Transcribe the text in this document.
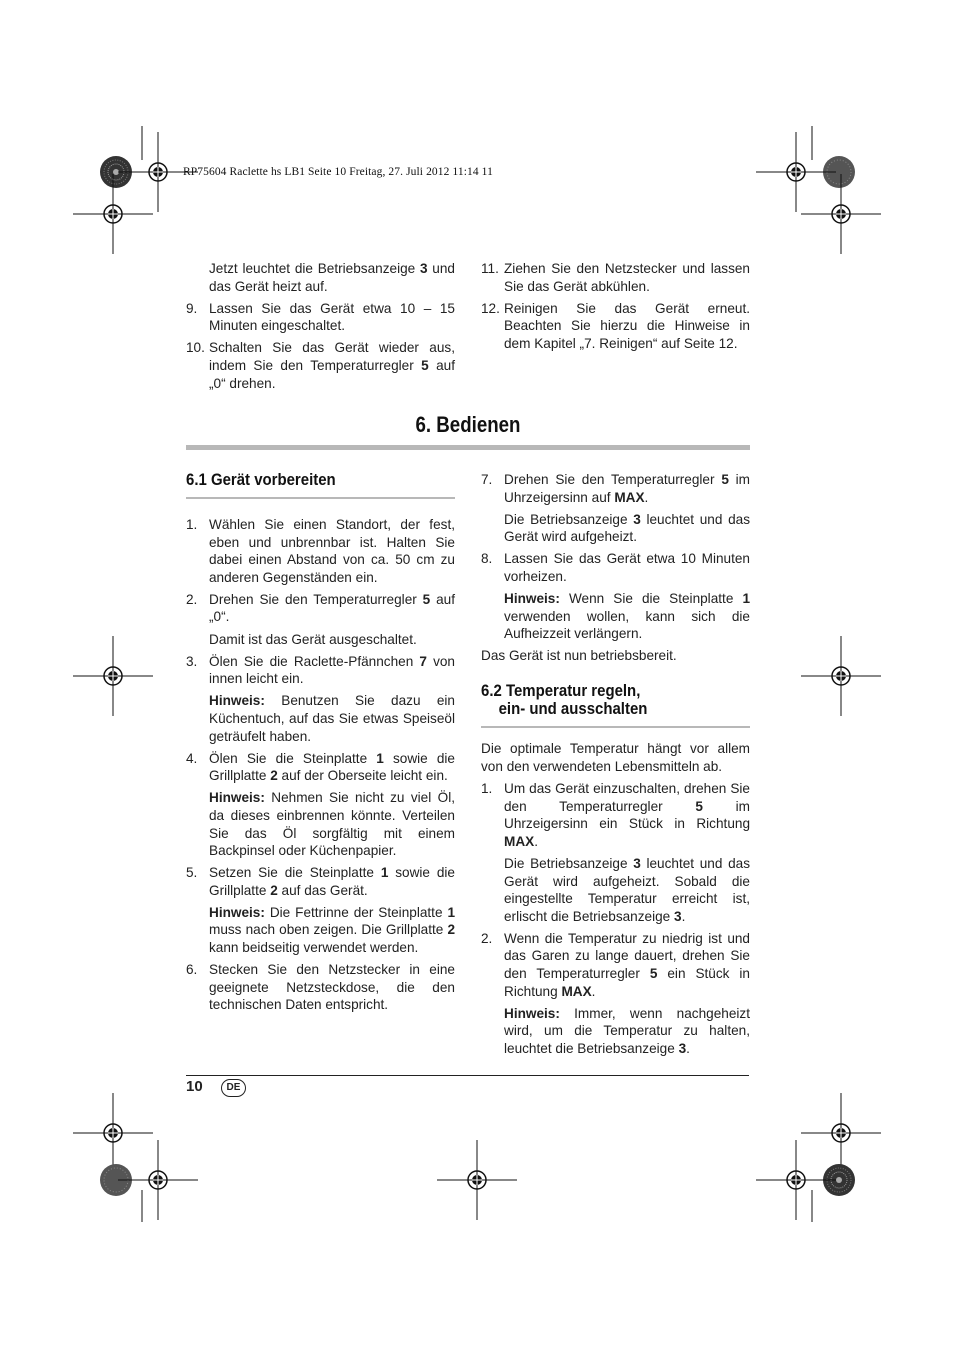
RP75604 Raclette hs LB1 Seite 10 Freitag, 27. Juli 2012 11:14 11

Jetzt leuchtet die Betriebsanzeige 3 und das Gerät heizt auf.

9. Lassen Sie das Gerät etwa 10 – 15 Minuten eingeschaltet.
10. Schalten Sie das Gerät wieder aus, indem Sie den Temperaturregler 5 auf „0“ drehen.
11. Ziehen Sie den Netzstecker und lassen Sie das Gerät abkühlen.
12. Reinigen Sie das Gerät erneut. Beachten Sie hierzu die Hinweise in dem Kapitel „7. Reinigen“ auf Seite 12.
6. Bedienen
6.1 Gerät vorbereiten
1. Wählen Sie einen Standort, der fest, eben und unbrennbar ist. Halten Sie dabei einen Abstand von ca. 50 cm zu anderen Gegenständen ein.
2. Drehen Sie den Temperaturregler 5 auf „0“.

Damit ist das Gerät ausgeschaltet.

3. Ölen Sie die Raclette-Pfännchen 7 von innen leicht ein.

Hinweis: Benutzen Sie dazu ein Küchentuch, auf das Sie etwas Speiseöl geträufelt haben.

4. Ölen Sie die Steinplatte 1 sowie die Grillplatte 2 auf der Oberseite leicht ein.

Hinweis: Nehmen Sie nicht zu viel Öl, da dieses einbrennen könnte. Verteilen Sie das Öl sorgfältig mit einem Backpinsel oder Küchenpapier.

5. Setzen Sie die Steinplatte 1 sowie die Grillplatte 2 auf das Gerät.

Hinweis: Die Fettrinne der Steinplatte 1 muss nach oben zeigen. Die Grillplatte 2 kann beidseitig verwendet werden.

6. Stecken Sie den Netzstecker in eine geeignete Netzsteckdose, die den technischen Daten entspricht.
7. Drehen Sie den Temperaturregler 5 im Uhrzeigersinn auf MAX.

Die Betriebsanzeige 3 leuchtet und das Gerät wird aufgeheizt.

8. Lassen Sie das Gerät etwa 10 Minuten vorheizen.

Hinweis: Wenn Sie die Steinplatte 1 verwenden wollen, kann sich die Aufheizzeit verlängern.

Das Gerät ist nun betriebsbereit.

6.2 Temperatur regeln,
ein- und ausschalten

Die optimale Temperatur hängt vor allem von den verwendeten Lebensmitteln ab.

1. Um das Gerät einzuschalten, drehen Sie den Temperaturregler 5 im Uhrzeigersinn ein Stück in Richtung MAX.

Die Betriebsanzeige 3 leuchtet und das Gerät wird aufgeheizt. Sobald die eingestellte Temperatur erreicht ist, erlischt die Betriebsanzeige 3.

2. Wenn die Temperatur zu niedrig ist und das Garen zu lange dauert, drehen Sie den Temperaturregler 5 ein Stück in Richtung MAX.

Hinweis: Immer, wenn nachgeheizt wird, um die Temperatur zu halten, leuchtet die Betriebsanzeige 3.

10	DE
